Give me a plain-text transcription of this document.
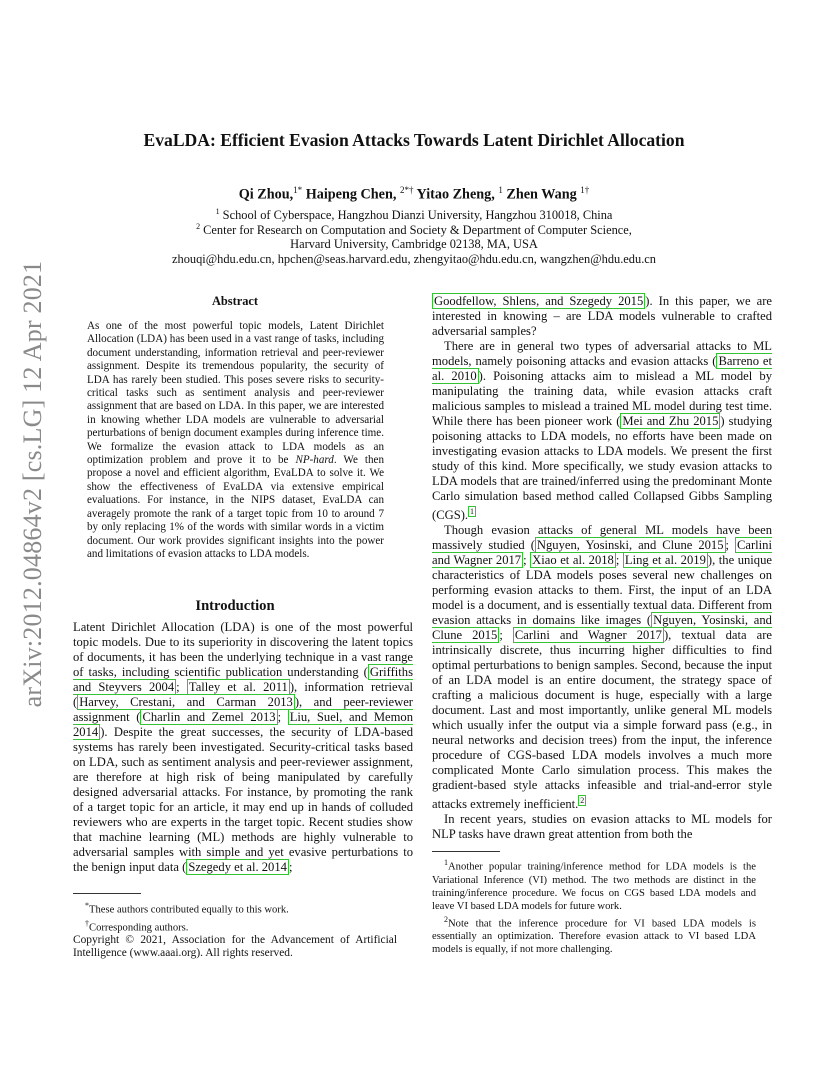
arXiv:2012.04864v2 [cs.LG] 12 Apr 2021
EvaLDA: Efficient Evasion Attacks Towards Latent Dirichlet Allocation
Qi Zhou,$^{1*}$ Haipeng Chen, $^{2*\dagger}$ Yitao Zheng, $^1$ Zhen Wang $^{1\dagger}$
$^1$ School of Cyberspace, Hangzhou Dianzi University, Hangzhou 310018, China
$^2$ Center for Research on Computation and Society & Department of Computer Science,
Harvard University, Cambridge 02138, MA, USA
zhouqi@hdu.edu.cn, hpchen@seas.harvard.edu, zhengyitao@hdu.edu.cn, wangzhen@hdu.edu.cn
Abstract
As one of the most powerful topic models, Latent Dirichlet Allocation (LDA) has been used in a vast range of tasks, including document understanding, information retrieval and peer-reviewer assignment. Despite its tremendous popularity, the security of LDA has rarely been studied. This poses severe risks to security-critical tasks such as sentiment analysis and peer-reviewer assignment that are based on LDA. In this paper, we are interested in knowing whether LDA models are vulnerable to adversarial perturbations of benign document examples during inference time. We formalize the evasion attack to LDA models as an optimization problem and prove it to be NP-hard. We then propose a novel and efficient algorithm, EvaLDA to solve it. We show the effectiveness of EvaLDA via extensive empirical evaluations. For instance, in the NIPS dataset, EvaLDA can averagely promote the rank of a target topic from 10 to around 7 by only replacing 1% of the words with similar words in a victim document. Our work provides significant insights into the power and limitations of evasion attacks to LDA models.
Introduction

Latent Dirichlet Allocation (LDA) is one of the most powerful topic models. Due to its superiority in discovering the latent topics of documents, it has been the underlying technique in a vast range of tasks, including scientific publication understanding ( Griffiths and Steyvers 2004 ; Talley et al. 2011 ), information retrieval ( Harvey, Crestani, and Carman 2013 ), and peer-reviewer assignment ( Charlin and Zemel 2013 ; Liu, Suel, and Memon 2014 ). Despite the great successes, the security of LDA-based systems has rarely been investigated. Security-critical tasks based on LDA, such as sentiment analysis and peer-reviewer assignment, are therefore at high risk of being manipulated by carefully designed adversarial attacks. For instance, by promoting the rank of a target topic for an article, it may end up in hands of colluded reviewers who are experts in the target topic. Recent studies show that machine learning (ML) methods are highly vulnerable to adversarial samples with simple and yet evasive perturbations to the benign input data ( Szegedy et al. 2014 ;

*These authors contributed equally to this work.

†Corresponding authors.

Copyright © 2021, Association for the Advancement of Artificial Intelligence (www.aaai.org). All rights reserved.

Goodfellow, Shlens, and Szegedy 2015 ). In this paper, we are interested in knowing – are LDA models vulnerable to crafted adversarial samples?

There are in general two types of adversarial attacks to ML models, namely poisoning attacks and evasion attacks ( Barreno et al. 2010 ). Poisoning attacks aim to mislead a ML model by manipulating the training data, while evasion attacks craft malicious samples to mislead a trained ML model during test time. While there has been pioneer work ( Mei and Zhu 2015 ) studying poisoning attacks to LDA models, no efforts have been made on investigating evasion attacks to LDA models. We present the first study of this kind. More specifically, we study evasion attacks to LDA models that are trained/inferred using the predominant Monte Carlo simulation based method called Collapsed Gibbs Sampling (CGS). $^1$

Though evasion attacks of general ML models have been massively studied ( Nguyen, Yosinski, and Clune 2015 ; Carlini and Wagner 2017 ; Xiao et al. 2018 ; Ling et al. 2019 ), the unique characteristics of LDA models poses several new challenges on performing evasion attacks to them. First, the input of an LDA model is a document, and is essentially textual data. Different from evasion attacks in domains like images ( Nguyen, Yosinski, and Clune 2015 ; Carlini and Wagner 2017 ), textual data are intrinsically discrete, thus incurring higher difficulties to find optimal perturbations to benign samples. Second, because the input of an LDA model is an entire document, the strategy space of crafting a malicious document is huge, especially with a large document. Last and most importantly, unlike general ML models which usually infer the output via a simple forward pass (e.g., in neural networks and decision trees) from the input, the inference procedure of CGS-based LDA models involves a much more complicated Monte Carlo simulation process. This makes the gradient-based style attacks infeasible and trial-and-error style attacks extremely inefficient. $^2$

In recent years, studies on evasion attacks to ML models for NLP tasks have drawn great attention from both the

$^1$Another popular training/inference method for LDA models is the Variational Inference (VI) method. The two methods are distinct in the training/inference procedure. We focus on CGS based LDA models and leave VI based LDA models for future work.

$^2$Note that the inference procedure for VI based LDA models is essentially an optimization. Therefore evasion attack to VI based LDA models is equally, if not more challenging.
